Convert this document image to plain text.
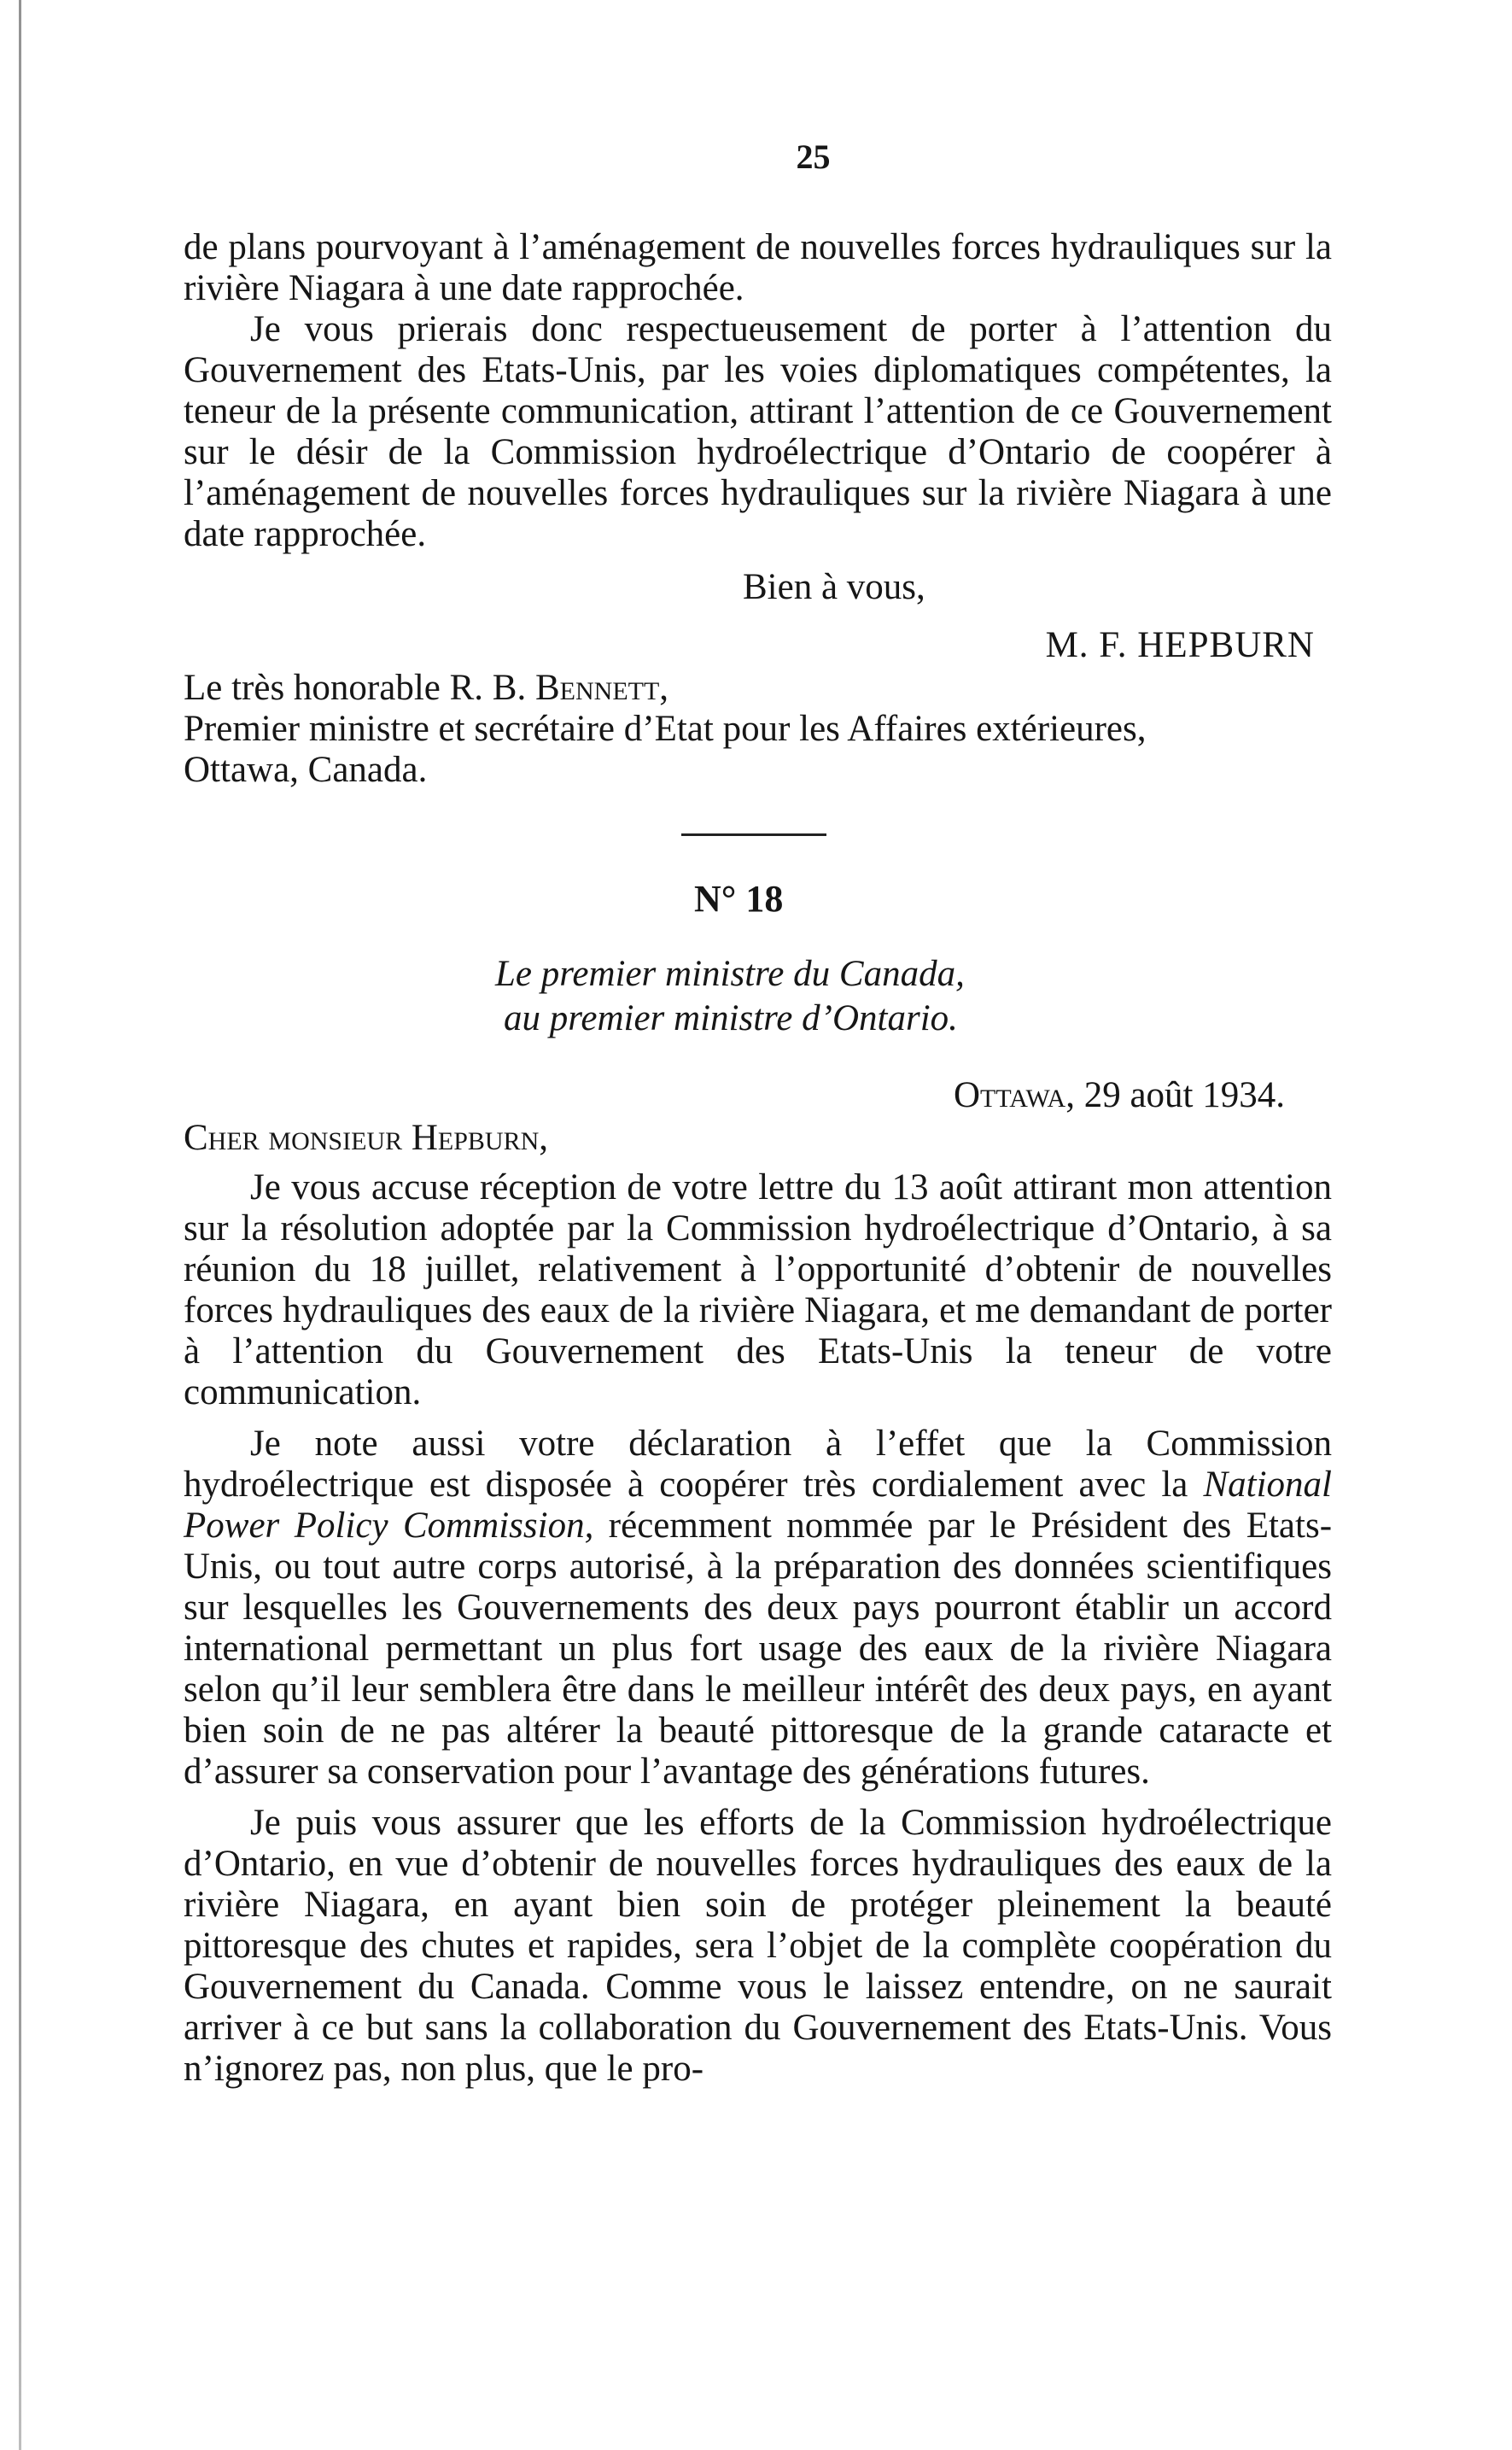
25

de plans pourvoyant à l’aménagement de nouvelles forces hydrauliques sur la rivière Niagara à une date rapprochée.

Je vous prierais donc respectueusement de porter à l’attention du Gouvernement des Etats-Unis, par les voies diplomatiques compétentes, la teneur de la présente communication, attirant l’attention de ce Gouvernement sur le désir de la Commission hydroélectrique d’Ontario de coopérer à l’aménagement de nouvelles forces hydrauliques sur la rivière Niagara à une date rapprochée.

Bien à vous,
M. F. HEPBURN
Le très honorable R. B. Bennett,
Premier ministre et secrétaire d’Etat pour les Affaires extérieures,
Ottawa, Canada.
N° 18
Le premier ministre du Canada,
au premier ministre d’Ontario.
Ottawa, 29 août 1934.
Cher monsieur Hepburn,

Je vous accuse réception de votre lettre du 13 août attirant mon attention sur la résolution adoptée par la Commission hydroélectrique d’Ontario, à sa réunion du 18 juillet, relativement à l’opportunité d’obtenir de nouvelles forces hydrauliques des eaux de la rivière Niagara, et me demandant de porter à l’attention du Gouvernement des Etats-Unis la teneur de votre communication.

Je note aussi votre déclaration à l’effet que la Commission hydroélectrique est disposée à coopérer très cordialement avec la National Power Policy Commission, récemment nommée par le Président des Etats-Unis, ou tout autre corps autorisé, à la préparation des données scientifiques sur lesquelles les Gouvernements des deux pays pourront établir un accord international permettant un plus fort usage des eaux de la rivière Niagara selon qu’il leur semblera être dans le meilleur intérêt des deux pays, en ayant bien soin de ne pas altérer la beauté pittoresque de la grande cataracte et d’assurer sa conservation pour l’avantage des générations futures.

Je puis vous assurer que les efforts de la Commission hydroélectrique d’Ontario, en vue d’obtenir de nouvelles forces hydrauliques des eaux de la rivière Niagara, en ayant bien soin de protéger pleinement la beauté pittoresque des chutes et rapides, sera l’objet de la complète coopération du Gouvernement du Canada. Comme vous le laissez entendre, on ne saurait arriver à ce but sans la collaboration du Gouvernement des Etats-Unis. Vous n’ignorez pas, non plus, que le pro-
